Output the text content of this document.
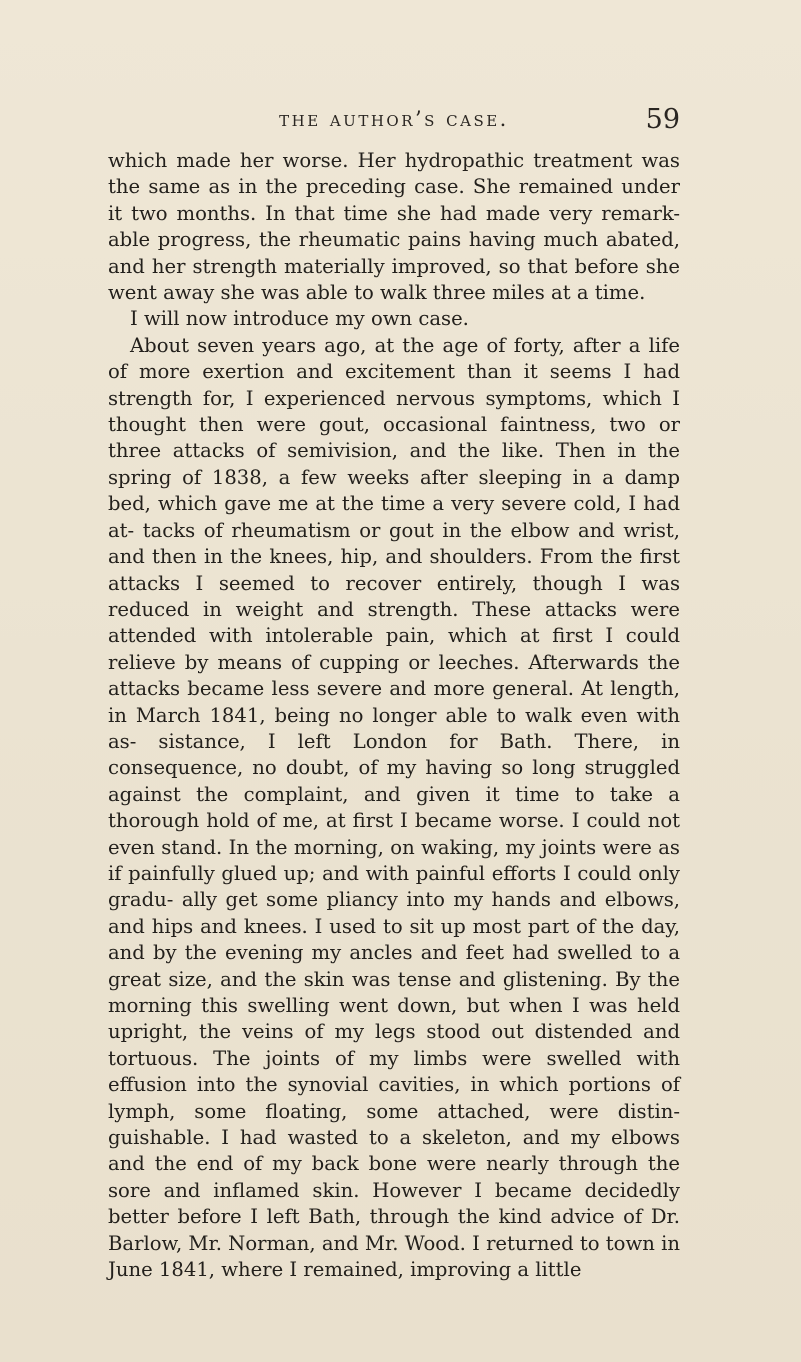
the author’s case.	59

which made her worse. Her hydropathic treatment was the same as in the preceding case. She remained under it two months. In that time she had made very remark- able progress, the rheumatic pains having much abated, and her strength materially improved, so that before she went away she was able to walk three miles at a time.

I will now introduce my own case.

About seven years ago, at the age of forty, after a life of more exertion and excitement than it seems I had strength for, I experienced nervous symptoms, which I thought then were gout, occasional faintness, two or three attacks of semivision, and the like. Then in the spring of 1838, a few weeks after sleeping in a damp bed, which gave me at the time a very severe cold, I had at- tacks of rheumatism or gout in the elbow and wrist, and then in the knees, hip, and shoulders. From the first attacks I seemed to recover entirely, though I was reduced in weight and strength. These attacks were attended with intolerable pain, which at first I could relieve by means of cupping or leeches. Afterwards the attacks became less severe and more general. At length, in March 1841, being no longer able to walk even with as- sistance, I left London for Bath. There, in consequence, no doubt, of my having so long struggled against the complaint, and given it time to take a thorough hold of me, at first I became worse. I could not even stand. In the morning, on waking, my joints were as if painfully glued up; and with painful efforts I could only gradu- ally get some pliancy into my hands and elbows, and hips and knees. I used to sit up most part of the day, and by the evening my ancles and feet had swelled to a great size, and the skin was tense and glistening. By the morning this swelling went down, but when I was held upright, the veins of my legs stood out distended and tortuous. The joints of my limbs were swelled with effusion into the synovial cavities, in which portions of lymph, some floating, some attached, were distin- guishable. I had wasted to a skeleton, and my elbows and the end of my back bone were nearly through the sore and inflamed skin. However I became decidedly better before I left Bath, through the kind advice of Dr. Barlow, Mr. Norman, and Mr. Wood. I returned to town in June 1841, where I remained, improving a little
